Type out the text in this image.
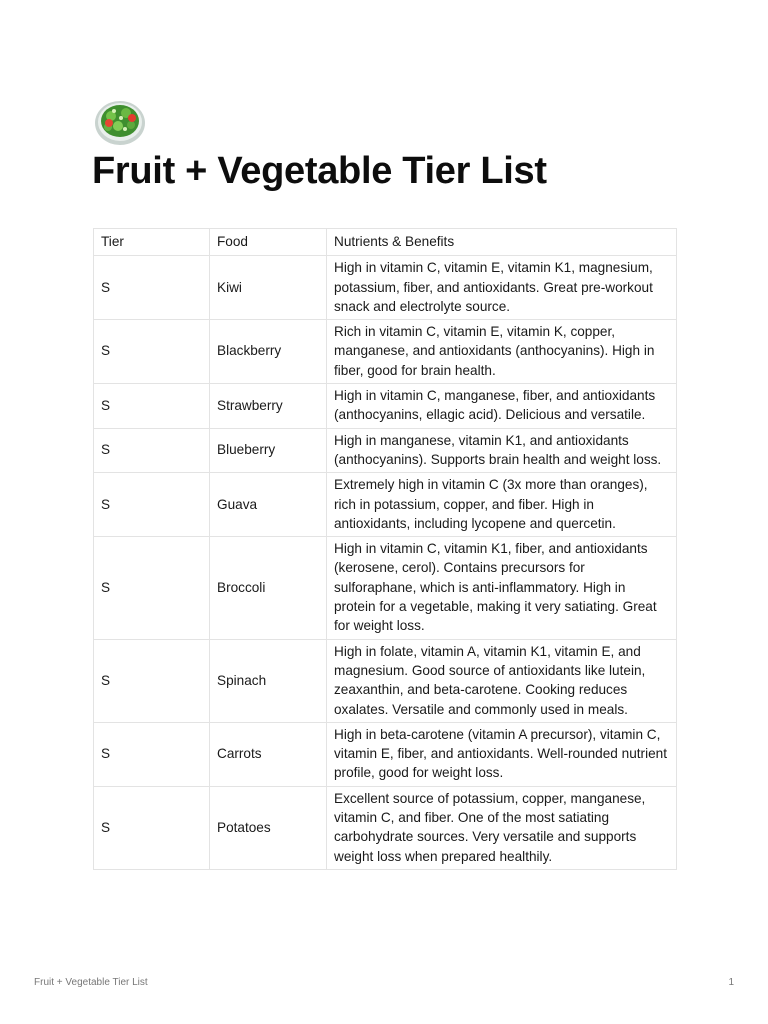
Fruit + Vegetable Tier List
Tier	Food	Nutrients & Benefits
S	Kiwi	High in vitamin C, vitamin E, vitamin K1, magnesium, potassium, fiber, and antioxidants. Great pre-workout snack and electrolyte source.
S	Blackberry	Rich in vitamin C, vitamin E, vitamin K, copper, manganese, and antioxidants (anthocyanins). High in fiber, good for brain health.
S	Strawberry	High in vitamin C, manganese, fiber, and antioxidants (anthocyanins, ellagic acid). Delicious and versatile.
S	Blueberry	High in manganese, vitamin K1, and antioxidants (anthocyanins). Supports brain health and weight loss.
S	Guava	Extremely high in vitamin C (3x more than oranges), rich in potassium, copper, and fiber. High in antioxidants, including lycopene and quercetin.
S	Broccoli	High in vitamin C, vitamin K1, fiber, and antioxidants (kerosene, cerol). Contains precursors for sulforaphane, which is anti-inflammatory. High in protein for a vegetable, making it very satiating. Great for weight loss.
S	Spinach	High in folate, vitamin A, vitamin K1, vitamin E, and magnesium. Good source of antioxidants like lutein, zeaxanthin, and beta-carotene. Cooking reduces oxalates. Versatile and commonly used in meals.
S	Carrots	High in beta-carotene (vitamin A precursor), vitamin C, vitamin E, fiber, and antioxidants. Well-rounded nutrient profile, good for weight loss.
S	Potatoes	Excellent source of potassium, copper, manganese, vitamin C, and fiber. One of the most satiating carbohydrate sources. Very versatile and supports weight loss when prepared healthily.
Fruit + Vegetable Tier List	1
